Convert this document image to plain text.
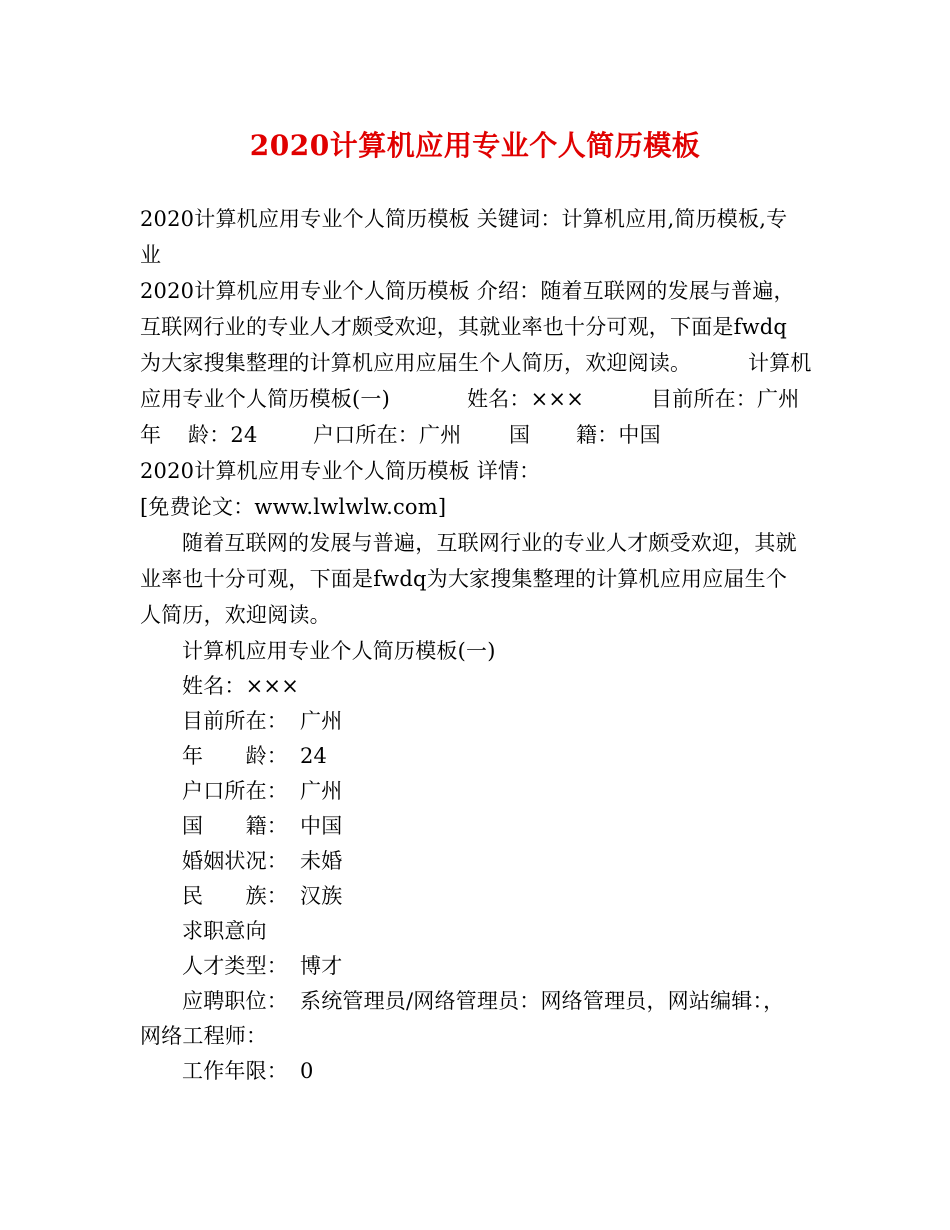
2020计算机应用专业个人简历模板
2020计算机应用专业个人简历模板 关键词：计算机应用,简历模板,专
业
2020计算机应用专业个人简历模板 介绍：随着互联网的发展与普遍，
互联网行业的专业人才颇受欢迎，其就业率也十分可观，下面是fwdq
为大家搜集整理的计算机应用应届生个人简历，欢迎阅读。	计算机
应用专业个人简历模板(一)	姓名：×××	目前所在：广州
年 龄：24	户口所在：广州 国 籍：中国
2020计算机应用专业个人简历模板 详情：
[免费论文：www.lwlwlw.com]
随着互联网的发展与普遍，互联网行业的专业人才颇受欢迎，其就
业率也十分可观，下面是fwdq为大家搜集整理的计算机应用应届生个
人简历，欢迎阅读。
计算机应用专业个人简历模板(一)
姓名：×××
目前所在： 广州
年　　龄： 24
户口所在： 广州
国　　籍： 中国
婚姻状况： 未婚
民　　族： 汉族
求职意向
人才类型： 博才
应聘职位： 系统管理员/网络管理员：网络管理员，网站编辑：，
网络工程师：
工作年限： 0
